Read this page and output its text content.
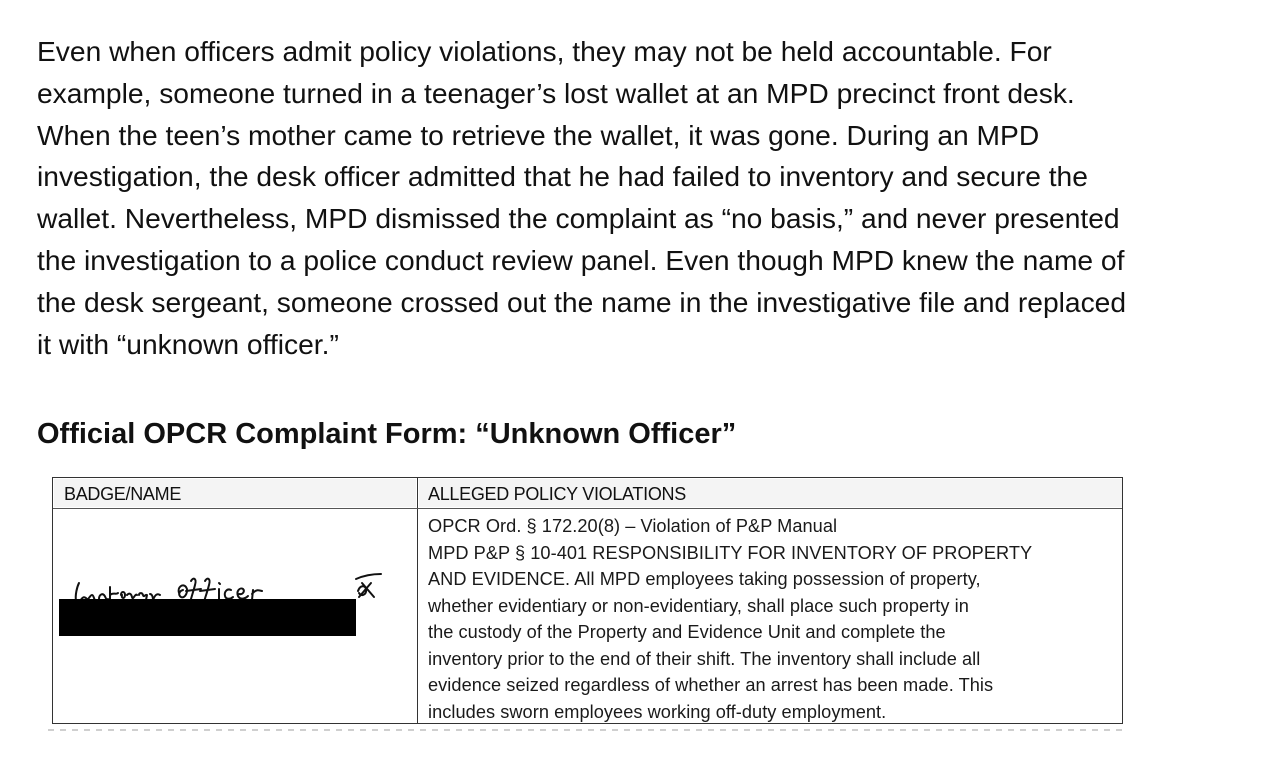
Even when officers admit policy violations, they may not be held accountable. For
example, someone turned in a teenager’s lost wallet at an MPD precinct front desk.
When the teen’s mother came to retrieve the wallet, it was gone. During an MPD
investigation, the desk officer admitted that he had failed to inventory and secure the
wallet. Nevertheless, MPD dismissed the complaint as “no basis,” and never presented
the investigation to a police conduct review panel. Even though MPD knew the name of
the desk sergeant, someone crossed out the name in the investigative file and replaced
it with “unknown officer.”
Official OPCR Complaint Form: “Unknown Officer”
BADGE/NAME	ALLEGED POLICY VIOLATIONS
OPCR Ord. § 172.20(8) – Violation of P&P Manual
MPD P&P § 10-401 RESPONSIBILITY FOR INVENTORY OF PROPERTY
AND EVIDENCE. All MPD employees taking possession of property,
whether evidentiary or non-evidentiary, shall place such property in
the custody of the Property and Evidence Unit and complete the
inventory prior to the end of their shift. The inventory shall include all
evidence seized regardless of whether an arrest has been made. This
includes sworn employees working off-duty employment.
